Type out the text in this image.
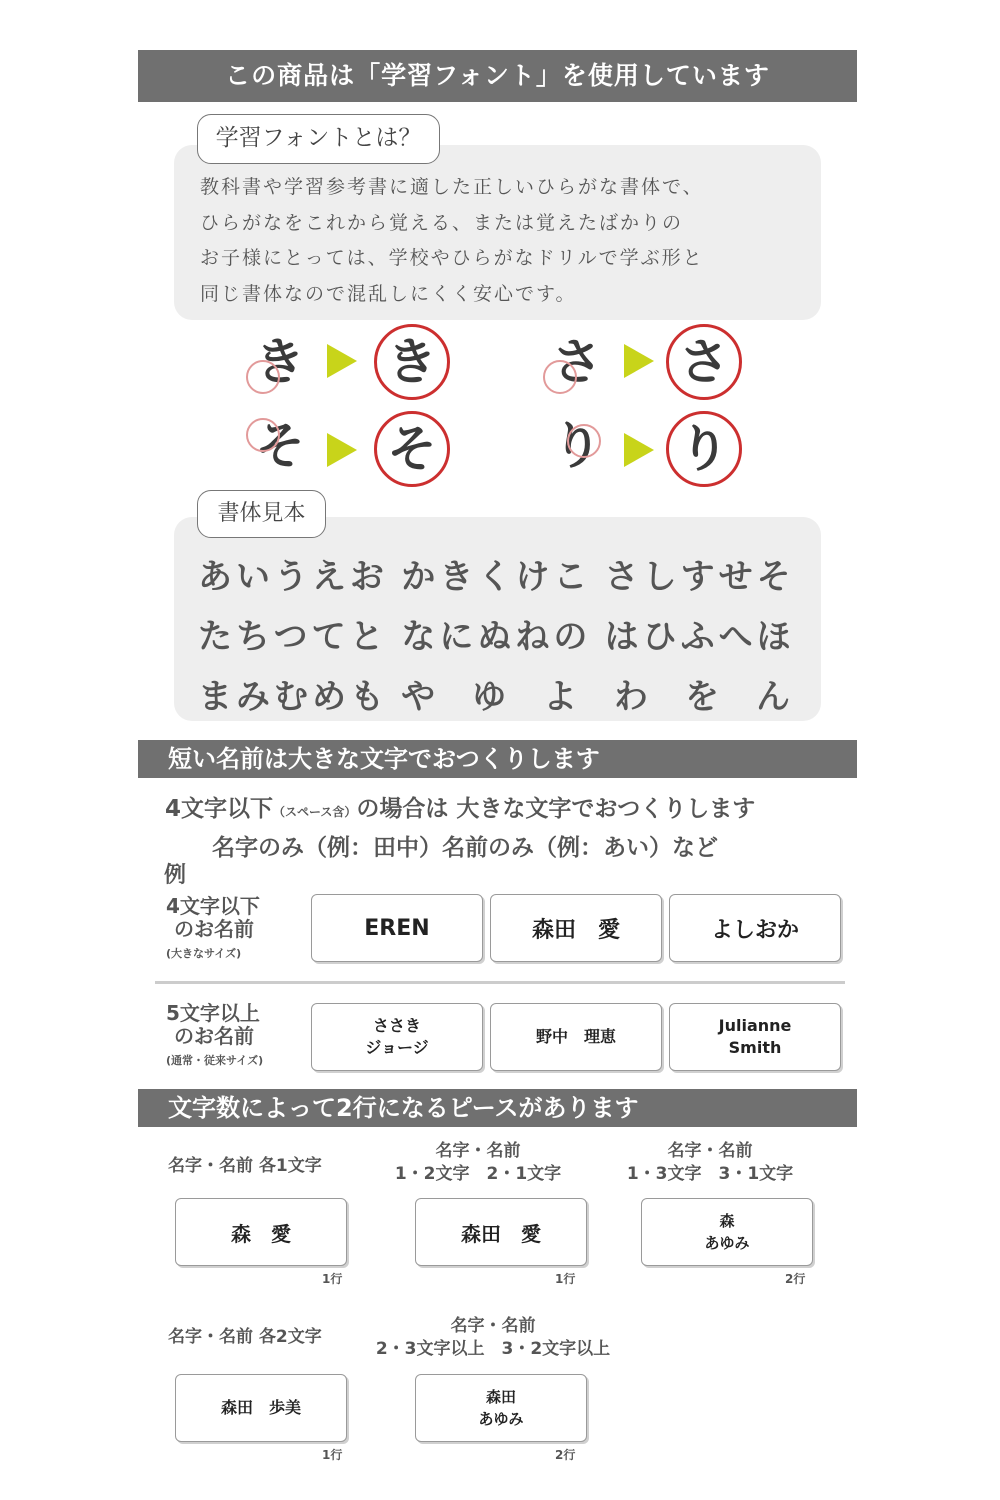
この商品は「学習フォント」を使用しています
学習フォントとは？
教科書や学習参考書に適した正しいひらがな書体で、
ひらがなをこれから覚える、または覚えたばかりの
お子様にとっては、学校やひらがなドリルで学ぶ形と
同じ書体なので混乱しにくく安心です。
き き さ さ
そ そ り り
書体見本
あいうえお かきくけこ さしすせそ
たちつてと なにぬねの はひふへほ
まみむめも や ゆ よ わ を ん
短い名前は大きな文字でおつくりします
4文字以下（スペース含）の場合は 大きな文字でおつくりします
名字のみ（例：田中）名前のみ（例：あい）など
例
4文字以下
のお名前
(大きなサイズ)
EREN	森田　愛	よしおか
5文字以上
のお名前
(通常・従来サイズ)
ささき
ジョージ
野中　理恵
Julianne
Smith
文字数によって2行になるピースがあります
名字・名前 各1文字
森　愛
1行
名字・名前
1・2文字　2・1文字
森田　愛
1行
名字・名前
1・3文字　3・1文字
森
あゆみ
2行
名字・名前 各2文字
森田　歩美
1行
名字・名前
2・3文字以上　3・2文字以上
森田
あゆみ
2行
